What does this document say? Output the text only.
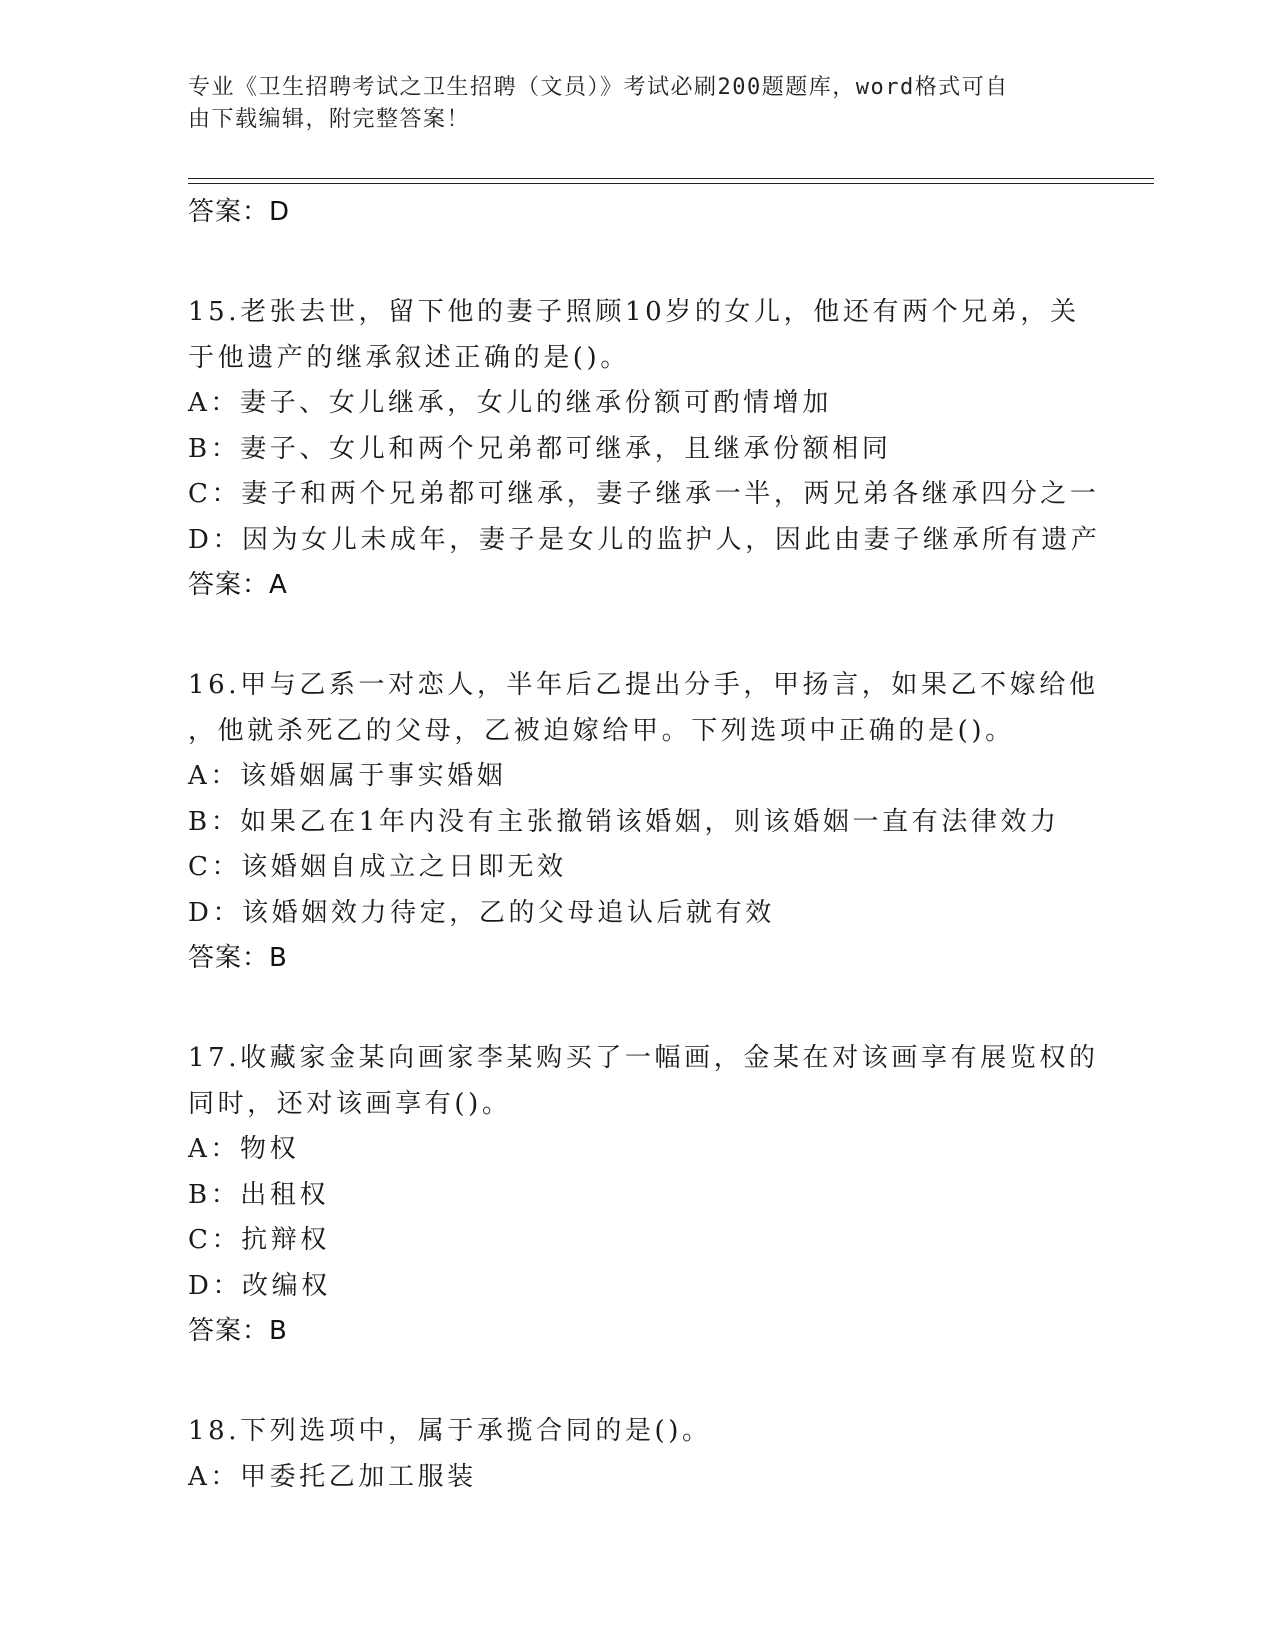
专业《卫生招聘考试之卫生招聘（文员）》考试必刷200题题库，word格式可自
由下载编辑，附完整答案！
答案：D
15.老张去世，留下他的妻子照顾10岁的女儿，他还有两个兄弟，关
于他遗产的继承叙述正确的是()。
A：妻子、女儿继承，女儿的继承份额可酌情增加
B：妻子、女儿和两个兄弟都可继承，且继承份额相同
C：妻子和两个兄弟都可继承，妻子继承一半，两兄弟各继承四分之一
D：因为女儿未成年，妻子是女儿的监护人，因此由妻子继承所有遗产
答案：A
16.甲与乙系一对恋人，半年后乙提出分手，甲扬言，如果乙不嫁给他
，他就杀死乙的父母，乙被迫嫁给甲。下列选项中正确的是()。
A：该婚姻属于事实婚姻
B：如果乙在1年内没有主张撤销该婚姻，则该婚姻一直有法律效力
C：该婚姻自成立之日即无效
D：该婚姻效力待定，乙的父母追认后就有效
答案：B
17.收藏家金某向画家李某购买了一幅画，金某在对该画享有展览权的
同时，还对该画享有()。
A：物权
B：出租权
C：抗辩权
D：改编权
答案：B
18.下列选项中，属于承揽合同的是()。
A：甲委托乙加工服装
